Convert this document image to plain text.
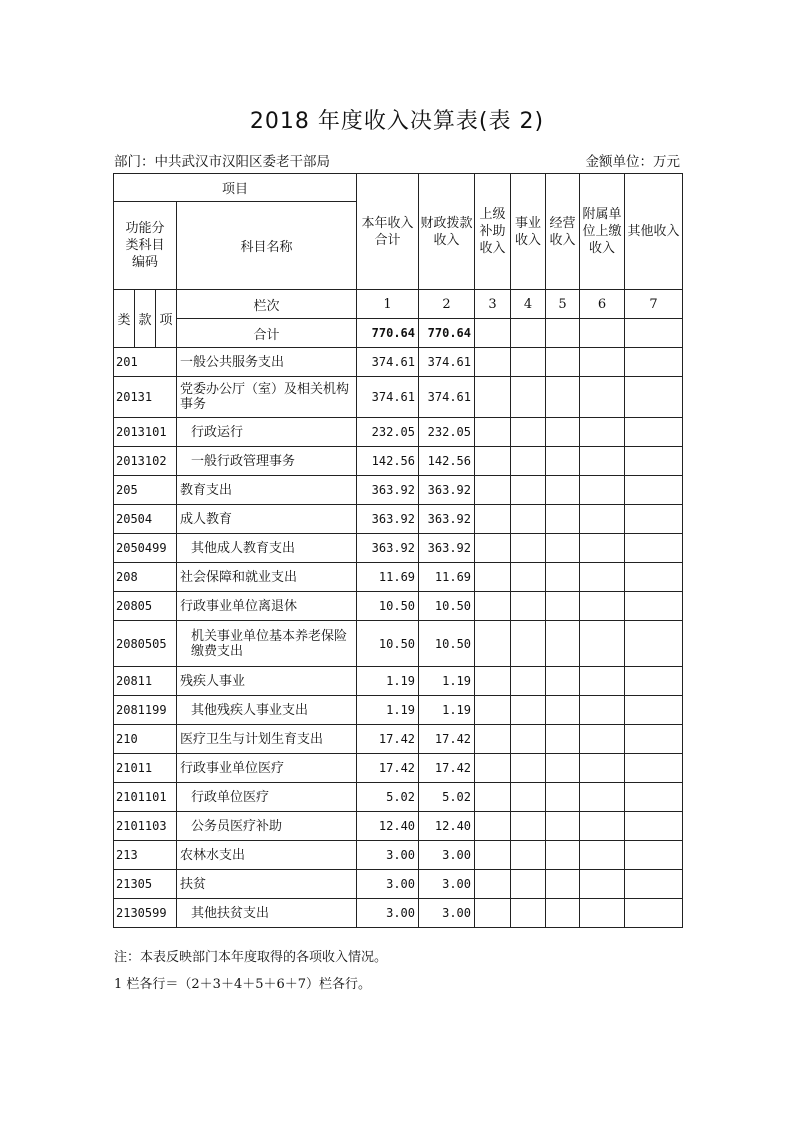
2018 年度收入决算表(表 2)
部门：中共武汉市汉阳区委老干部局	金额单位：万元
项目				本年收入合计	财政拨款收入	上级补助收入	事业收入	经营收入	附属单位上缴收入	其他收入
功能分类科目编码			科目名称							

类	款	项	栏次	1	2	3	4	5	6	7
			合计	770.64	770.64					
201			一般公共服务支出	374.61	374.61					
20131			党委办公厅（室）及相关机构事务	374.61	374.61					
2013101			行政运行	232.05	232.05					
2013102			一般行政管理事务	142.56	142.56					
205			教育支出	363.92	363.92					
20504			成人教育	363.92	363.92					
2050499			其他成人教育支出	363.92	363.92					
208			社会保障和就业支出	11.69	11.69					
20805			行政事业单位离退休	10.50	10.50					
2080505			机关事业单位基本养老保险缴费支出	10.50	10.50					
20811			残疾人事业	1.19	1.19					
2081199			其他残疾人事业支出	1.19	1.19					
210			医疗卫生与计划生育支出	17.42	17.42					
21011			行政事业单位医疗	17.42	17.42					
2101101			行政单位医疗	5.02	5.02					
2101103			公务员医疗补助	12.40	12.40					
213			农林水支出	3.00	3.00					
21305			扶贫	3.00	3.00					
2130599			其他扶贫支出	3.00	3.00					
注：本表反映部门本年度取得的各项收入情况。
1 栏各行＝（2＋3＋4＋5＋6＋7）栏各行。
